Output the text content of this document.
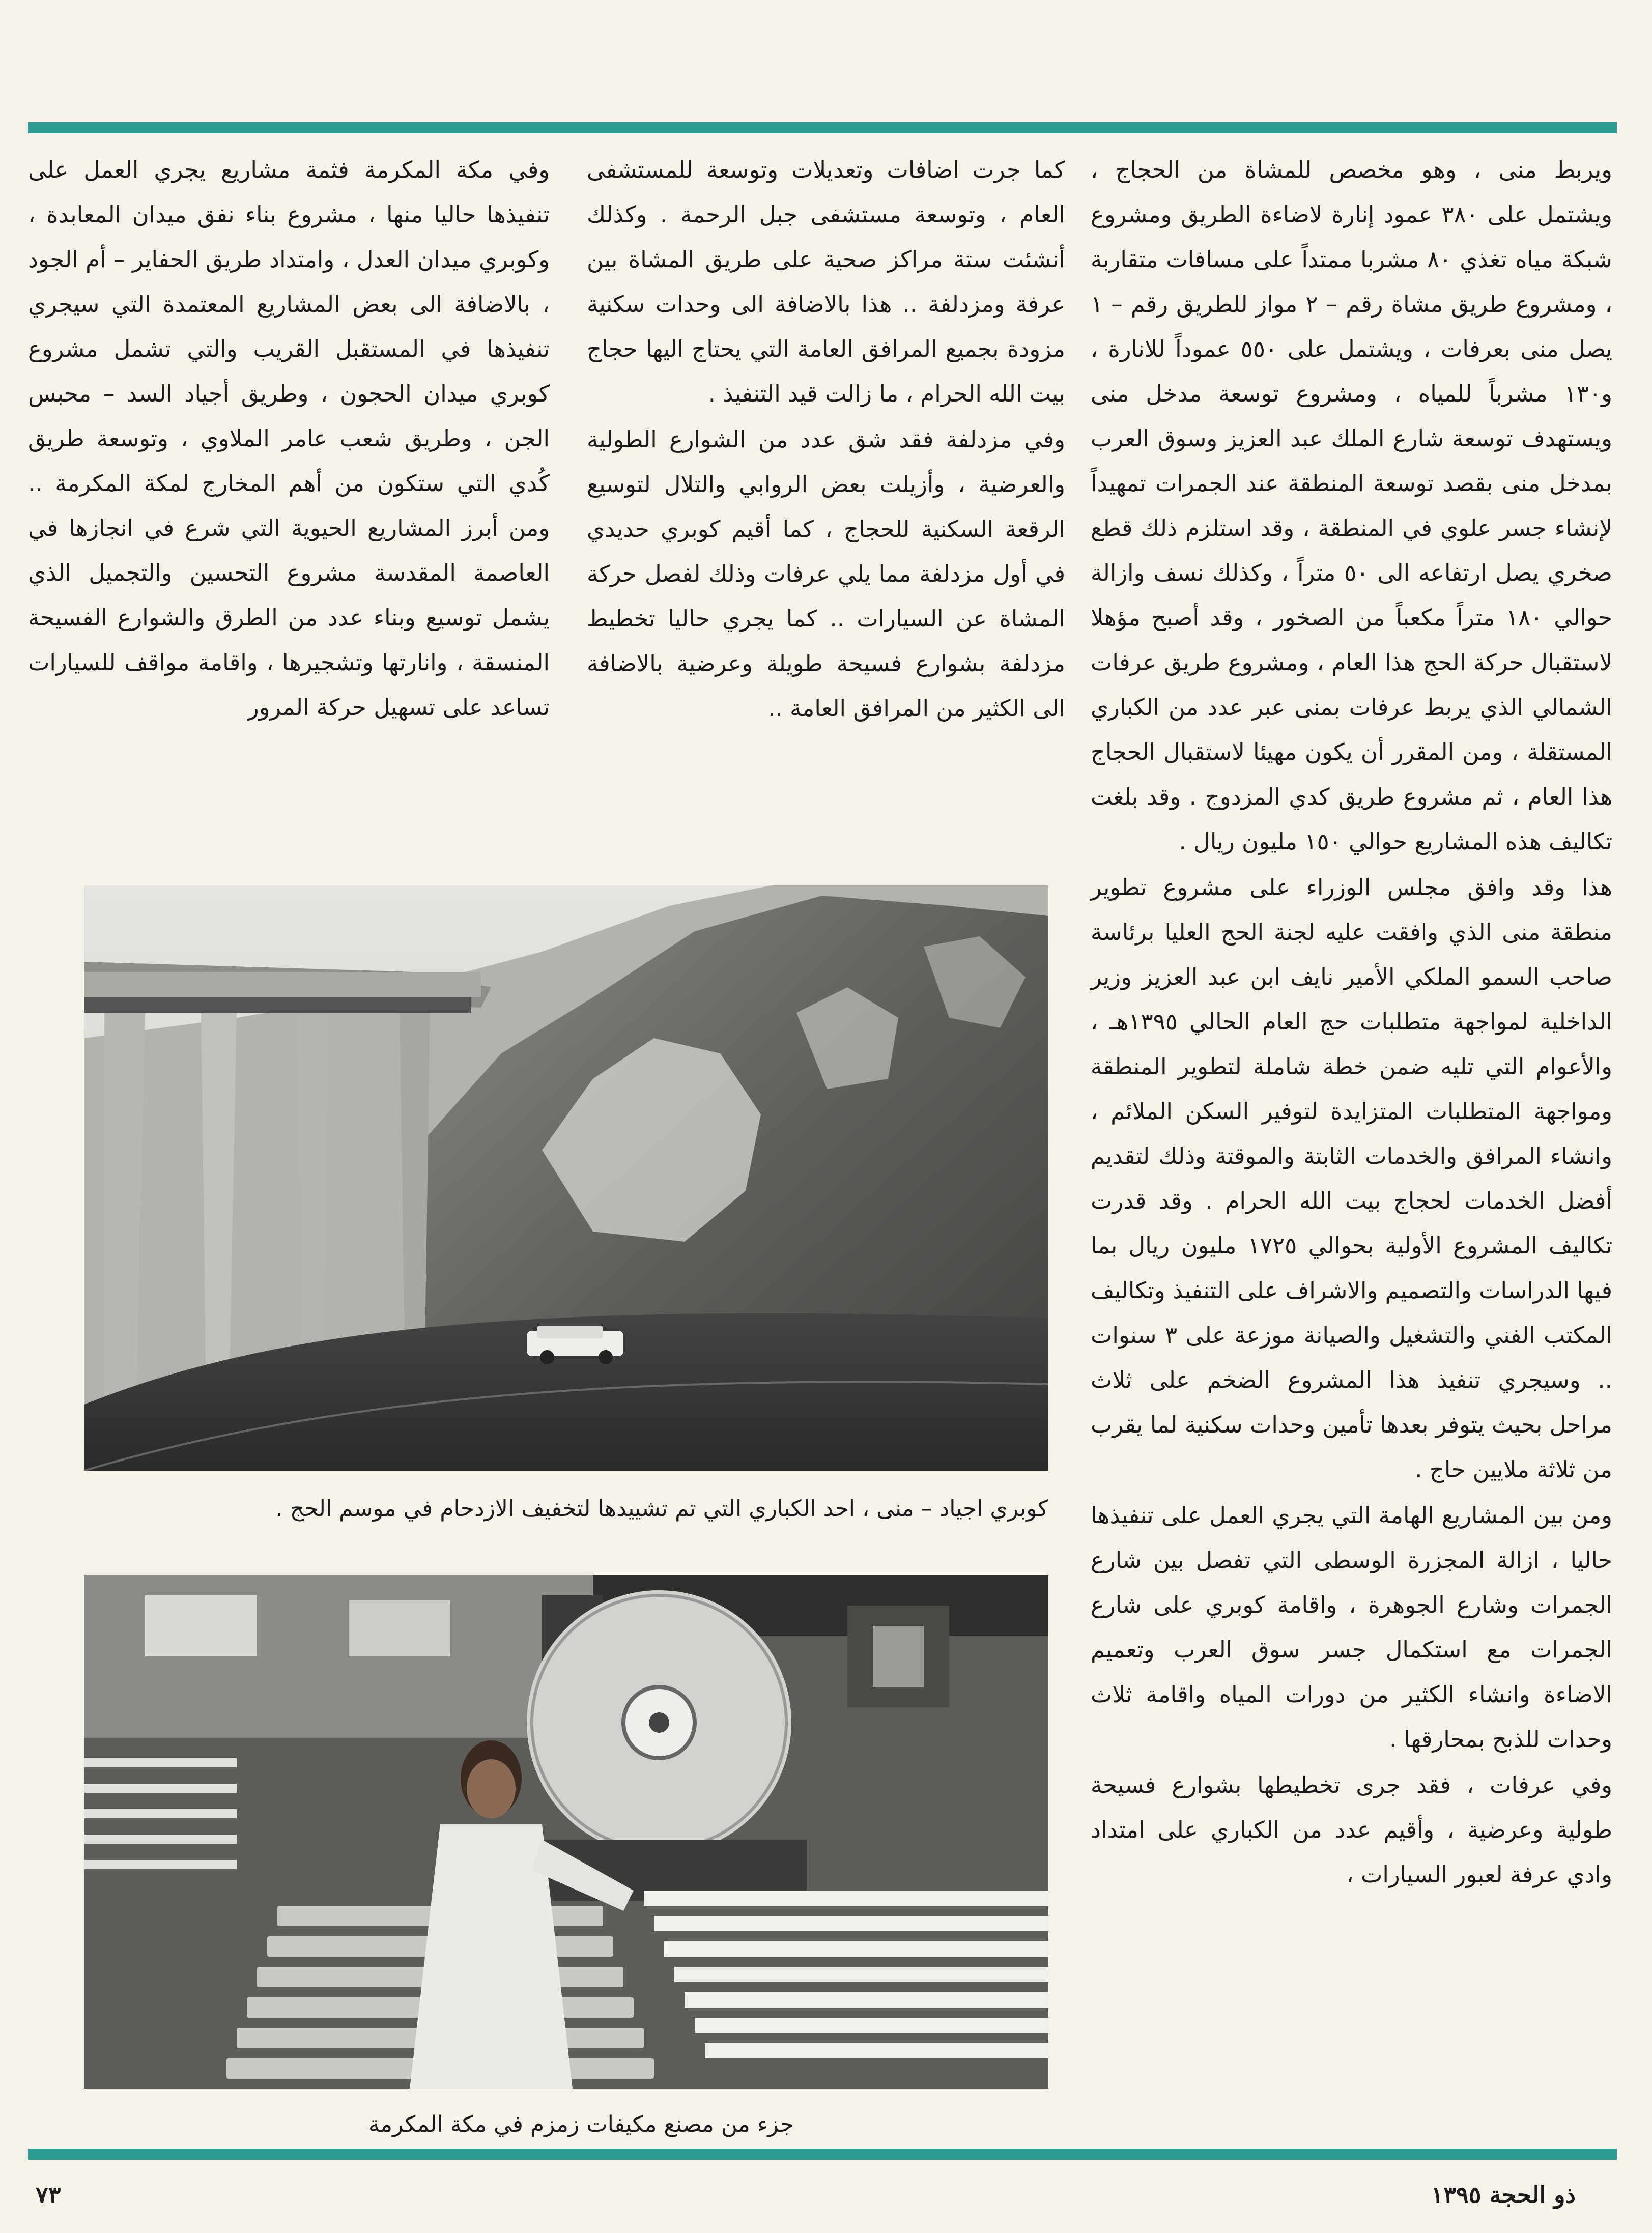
ويربط منى ، وهو مخصص للمشاة من الحجاج ، ويشتمل على ٣٨٠ عمود إنارة لاضاءة الطريق ومشروع شبكة مياه تغذي ٨٠ مشربا ممتداً على مسافات متقاربة ، ومشروع طريق مشاة رقم – ٢ مواز للطريق رقم – ١ يصل منى بعرفات ، ويشتمل على ٥٥٠ عموداً للانارة ، و١٣٠ مشرباً للمياه ، ومشروع توسعة مدخل منى ويستهدف توسعة شارع الملك عبد العزيز وسوق العرب بمدخل منى بقصد توسعة المنطقة عند الجمرات تمهيداً لإنشاء جسر علوي في المنطقة ، وقد استلزم ذلك قطع صخري يصل ارتفاعه الى ٥٠ متراً ، وكذلك نسف وازالة حوالي ١٨٠ متراً مكعباً من الصخور ، وقد أصبح مؤهلا لاستقبال حركة الحج هذا العام ، ومشروع طريق عرفات الشمالي الذي يربط عرفات بمنى عبر عدد من الكباري المستقلة ، ومن المقرر أن يكون مهيئا لاستقبال الحجاج هذا العام ، ثم مشروع طريق كدي المزدوج . وقد بلغت تكاليف هذه المشاريع حوالي ١٥٠ مليون ريال .

هذا وقد وافق مجلس الوزراء على مشروع تطوير منطقة منى الذي وافقت عليه لجنة الحج العليا برئاسة صاحب السمو الملكي الأمير نايف ابن عبد العزيز وزير الداخلية لمواجهة متطلبات حج العام الحالي ١٣٩٥هـ ، والأعوام التي تليه ضمن خطة شاملة لتطوير المنطقة ومواجهة المتطلبات المتزايدة لتوفير السكن الملائم ، وانشاء المرافق والخدمات الثابتة والموقتة وذلك لتقديم أفضل الخدمات لحجاج بيت الله الحرام . وقد قدرت تكاليف المشروع الأولية بحوالي ١٧٢٥ مليون ريال بما فيها الدراسات والتصميم والاشراف على التنفيذ وتكاليف المكتب الفني والتشغيل والصيانة موزعة على ٣ سنوات .. وسيجري تنفيذ هذا المشروع الضخم على ثلاث مراحل بحيث يتوفر بعدها تأمين وحدات سكنية لما يقرب من ثلاثة ملايين حاج .

ومن بين المشاريع الهامة التي يجري العمل على تنفيذها حاليا ، ازالة المجزرة الوسطى التي تفصل بين شارع الجمرات وشارع الجوهرة ، واقامة كوبري على شارع الجمرات مع استكمال جسر سوق العرب وتعميم الاضاءة وانشاء الكثير من دورات المياه واقامة ثلاث وحدات للذبح بمحارقها .

وفي عرفات ، فقد جرى تخطيطها بشوارع فسيحة طولية وعرضية ، وأقيم عدد من الكباري على امتداد وادي عرفة لعبور السيارات ،

كما جرت اضافات وتعديلات وتوسعة للمستشفى العام ، وتوسعة مستشفى جبل الرحمة . وكذلك أنشئت ستة مراكز صحية على طريق المشاة بين عرفة ومزدلفة .. هذا بالاضافة الى وحدات سكنية مزودة بجميع المرافق العامة التي يحتاج اليها حجاج بيت الله الحرام ، ما زالت قيد التنفيذ .

وفي مزدلفة فقد شق عدد من الشوارع الطولية والعرضية ، وأزيلت بعض الروابي والتلال لتوسيع الرقعة السكنية للحجاج ، كما أقيم كوبري حديدي في أول مزدلفة مما يلي عرفات وذلك لفصل حركة المشاة عن السيارات .. كما يجري حاليا تخطيط مزدلفة بشوارع فسيحة طويلة وعرضية بالاضافة الى الكثير من المرافق العامة ..

وفي مكة المكرمة فثمة مشاريع يجري العمل على تنفيذها حاليا منها ، مشروع بناء نفق ميدان المعابدة ، وكوبري ميدان العدل ، وامتداد طريق الحفاير – أم الجود ، بالاضافة الى بعض المشاريع المعتمدة التي سيجري تنفيذها في المستقبل القريب والتي تشمل مشروع كوبري ميدان الحجون ، وطريق أجياد السد – محبس الجن ، وطريق شعب عامر الملاوي ، وتوسعة طريق كُدي التي ستكون من أهم المخارج لمكة المكرمة .. ومن أبرز المشاريع الحيوية التي شرع في انجازها في العاصمة المقدسة مشروع التحسين والتجميل الذي يشمل توسيع وبناء عدد من الطرق والشوارع الفسيحة المنسقة ، وانارتها وتشجيرها ، واقامة مواقف للسيارات تساعد على تسهيل حركة المرور

كوبري اجياد – منى ، احد الكباري التي تم تشييدها لتخفيف الازدحام في موسم الحج .
جزء من مصنع مكيفات زمزم في مكة المكرمة
ذو الحجة ١٣٩٥
٧٣
